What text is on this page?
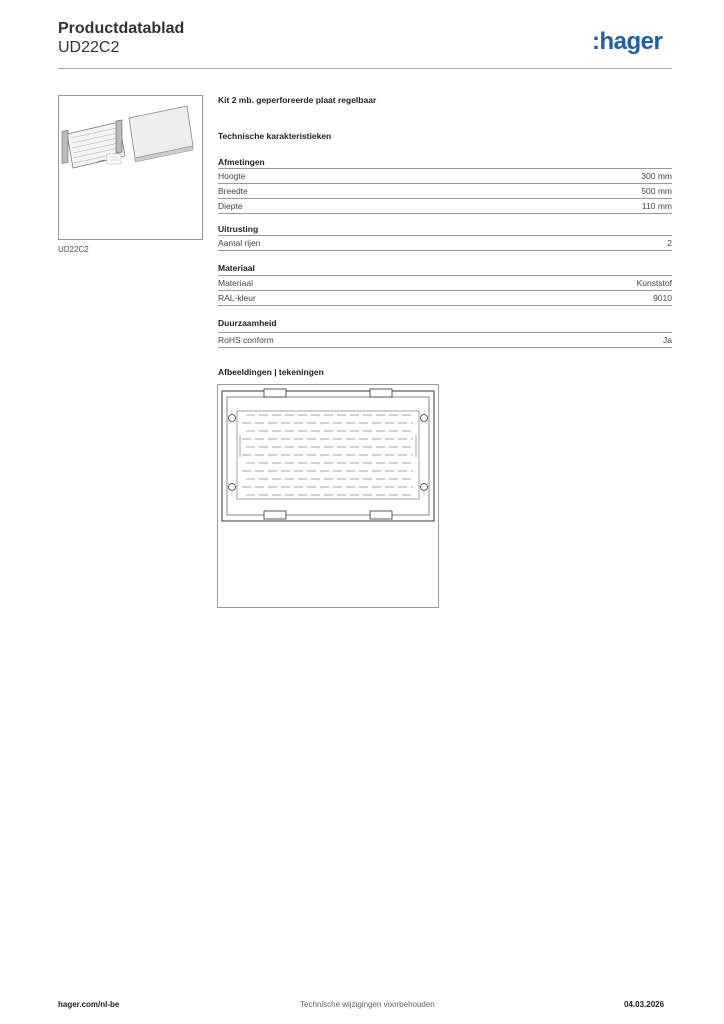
Productdatablad
UD22C2	:hager
UD22C2
Kit 2 mb. geperforeerde plaat regelbaar
Technische karakteristieken
Afmetingen
Hoogte	300 mm
Breedte	500 mm
Diepte	110 mm
Uitrusting
Aantal rijen	2
Materiaal
Materiaal	Kunststof
RAL-kleur	9010
Duurzaamheid
RoHS conform	Ja
Afbeeldingen | tekeningen
hager.com/nl-be	Technische wijzigingen voorbehouden	04.03.2026
